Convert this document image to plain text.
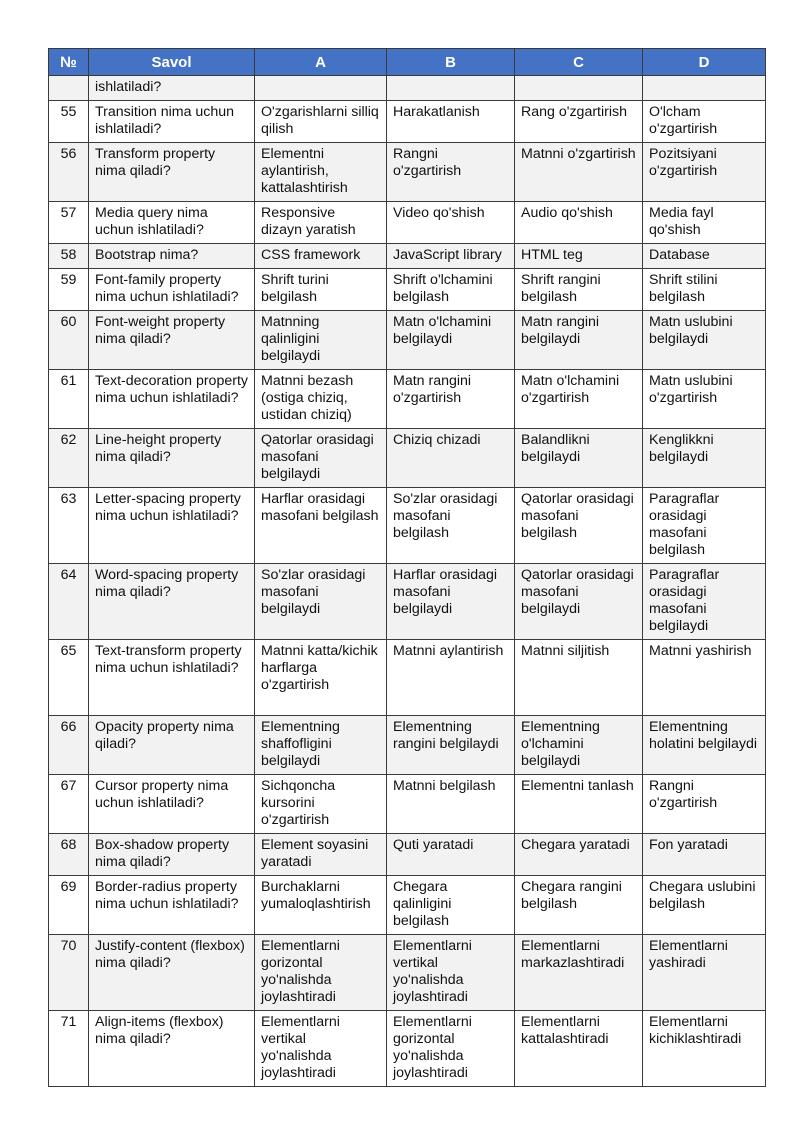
№	Savol	A	B	C	D
	ishlatiladi?				
55	Transition nima uchun ishlatiladi?	O'zgarishlarni silliq qilish	Harakatlanish	Rang o'zgartirish	O'lcham o'zgartirish
56	Transform property nima qiladi?	Elementni aylantirish, kattalashtirish	Rangni o'zgartirish	Matnni o'zgartirish	Pozitsiyani o'zgartirish
57	Media query nima uchun ishlatiladi?	Responsive dizayn yaratish	Video qo'shish	Audio qo'shish	Media fayl qo'shish
58	Bootstrap nima?	CSS framework	JavaScript library	HTML teg	Database
59	Font-family property nima uchun ishlatiladi?	Shrift turini belgilash	Shrift o'lchamini belgilash	Shrift rangini belgilash	Shrift stilini belgilash
60	Font-weight property nima qiladi?	Matnning qalinligini belgilaydi	Matn o'lchamini belgilaydi	Matn rangini belgilaydi	Matn uslubini belgilaydi
61	Text-decoration property nima uchun ishlatiladi?	Matnni bezash (ostiga chiziq, ustidan chiziq)	Matn rangini o'zgartirish	Matn o'lchamini o'zgartirish	Matn uslubini o'zgartirish
62	Line-height property nima qiladi?	Qatorlar orasidagi masofani belgilaydi	Chiziq chizadi	Balandlikni belgilaydi	Kenglikkni belgilaydi
63	Letter-spacing property nima uchun ishlatiladi?	Harflar orasidagi masofani belgilash	So'zlar orasidagi masofani belgilash	Qatorlar orasidagi masofani belgilash	Paragraflar orasidagi masofani belgilash
64	Word-spacing property nima qiladi?	So'zlar orasidagi masofani belgilaydi	Harflar orasidagi masofani belgilaydi	Qatorlar orasidagi masofani belgilaydi	Paragraflar orasidagi masofani belgilaydi
65	Text-transform property nima uchun ishlatiladi?	Matnni katta/kichik harflarga o'zgartirish	Matnni aylantirish	Matnni siljitish	Matnni yashirish
66	Opacity property nima qiladi?	Elementning shaffofligini belgilaydi	Elementning rangini belgilaydi	Elementning o'lchamini belgilaydi	Elementning holatini belgilaydi
67	Cursor property nima uchun ishlatiladi?	Sichqoncha kursorini o'zgartirish	Matnni belgilash	Elementni tanlash	Rangni o'zgartirish
68	Box-shadow property nima qiladi?	Element soyasini yaratadi	Quti yaratadi	Chegara yaratadi	Fon yaratadi
69	Border-radius property nima uchun ishlatiladi?	Burchaklarni yumaloqlashtirish	Chegara qalinligini belgilash	Chegara rangini belgilash	Chegara uslubini belgilash
70	Justify-content (flexbox) nima qiladi?	Elementlarni gorizontal yo'nalishda joylashtiradi	Elementlarni vertikal yo'nalishda joylashtiradi	Elementlarni markazlashtiradi	Elementlarni yashiradi
71	Align-items (flexbox) nima qiladi?	Elementlarni vertikal yo'nalishda joylashtiradi	Elementlarni gorizontal yo'nalishda joylashtiradi	Elementlarni kattalashtiradi	Elementlarni kichiklashtiradi
